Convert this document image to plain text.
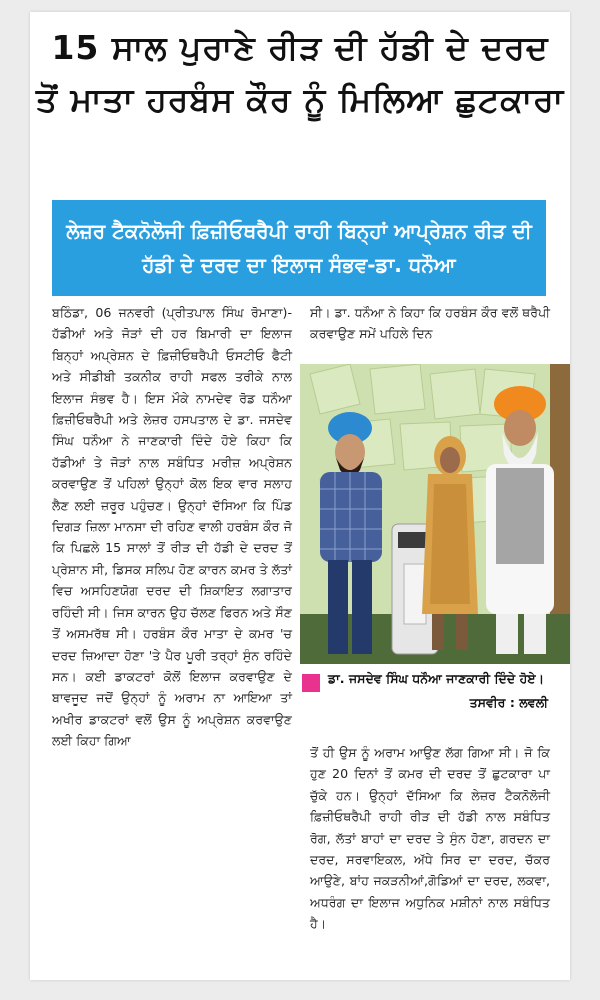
15 ਸਾਲ ਪੁਰਾਣੇ ਰੀੜ ਦੀ ਹੱਡੀ ਦੇ ਦਰਦ
ਤੋਂ ਮਾਤਾ ਹਰਬੰਸ ਕੌਰ ਨੂੰ ਮਿਲਿਆ ਛੁਟਕਾਰਾ
ਲੇਜ਼ਰ ਟੈਕਨੋਲੋਜੀ ਫ਼ਿਜ਼ੀਓਥਰੈਪੀ ਰਾਹੀ ਬਿਨ੍ਹਾਂ ਆਪ੍ਰੇਸ਼ਨ ਰੀੜ ਦੀ ਹੱਡੀ ਦੇ ਦਰਦ ਦਾ ਇਲਾਜ ਸੰਭਵ-ਡਾ. ਧਨੌਆ
ਬਠਿੰਡਾ, 06 ਜਨਵਰੀ (ਪ੍ਰੀਤਪਾਲ ਸਿੰਘ ਰੋਮਾਣਾ)- ਹੱਡੀਆਂ ਅਤੇ ਜੋੜਾਂ ਦੀ ਹਰ ਬਿਮਾਰੀ ਦਾ ਇਲਾਜ ਬਿਨ੍ਹਾਂ ਅਪ੍ਰੇਸ਼ਨ ਦੇ ਫ਼ਿਜ਼ੀਓਥਰੈਪੀ ਓਸਟੀਓ ਫੈਟੀ ਅਤੇ ਸੀਡੀਬੀ ਤਕਨੀਕ ਰਾਹੀ ਸਫਲ ਤਰੀਕੇ ਨਾਲ ਇਲਾਜ ਸੰਭਵ ਹੈ। ਇਸ ਮੌਕੇ ਨਾਮਦੇਵ ਰੋਡ ਧਨੌਆ ਫ਼ਿਜ਼ੀਓਥਰੈਪੀ ਅਤੇ ਲੇਜ਼ਰ ਹਸਪਤਾਲ ਦੇ ਡਾ. ਜਸਦੇਵ ਸਿੰਘ ਧਨੌਆ ਨੇ ਜਾਣਕਾਰੀ ਦਿੰਦੇ ਹੋਏ ਕਿਹਾ ਕਿ ਹੱਡੀਆਂ ਤੇ ਜੋੜਾਂ ਨਾਲ ਸਬੰਧਿਤ ਮਰੀਜ਼ ਅਪ੍ਰੇਸ਼ਨ ਕਰਵਾਉਣ ਤੋਂ ਪਹਿਲਾਂ ਉਨ੍ਹਾਂ ਕੋਲ ਇਕ ਵਾਰ ਸਲਾਹ ਲੈਣ ਲਈ ਜ਼ਰੂਰ ਪਹੁੰਚਣ। ਉਨ੍ਹਾਂ ਦੱਸਿਆ ਕਿ ਪਿੰਡ ਦਿਗੜ ਜ਼ਿਲਾ ਮਾਨਸਾ ਦੀ ਰਹਿਣ ਵਾਲੀ ਹਰਬੰਸ ਕੌਰ ਜੋ ਕਿ ਪਿਛਲੇ 15 ਸਾਲਾਂ ਤੋਂ ਰੀੜ ਦੀ ਹੱਡੀ ਦੇ ਦਰਦ ਤੋਂ ਪ੍ਰੇਸ਼ਾਨ ਸੀ, ਡਿਸਕ ਸਲਿਪ ਹੋਣ ਕਾਰਨ ਕਮਰ ਤੇ ਲੱਤਾਂ ਵਿਚ ਅਸਹਿਣਯੋਗ ਦਰਦ ਦੀ ਸ਼ਿਕਾਇਤ ਲਗਾਤਾਰ ਰਹਿੰਦੀ ਸੀ। ਜਿਸ ਕਾਰਨ ਉਹ ਚੱਲਣ ਫਿਰਨ ਅਤੇ ਸੌਣ ਤੋਂ ਅਸਮਰੱਥ ਸੀ। ਹਰਬੰਸ ਕੌਰ ਮਾਤਾ ਦੇ ਕਮਰ 'ਚ ਦਰਦ ਜ਼ਿਆਦਾ ਹੋਣਾ 'ਤੇ ਪੈਰ ਪੂਰੀ ਤਰ੍ਹਾਂ ਸੁੰਨ ਰਹਿੰਦੇ ਸਨ। ਕਈ ਡਾਕਟਰਾਂ ਕੋਲੋਂ ਇਲਾਜ ਕਰਵਾਉਣ ਦੇ ਬਾਵਜੂਦ ਜਦੋਂ ਉਨ੍ਹਾਂ ਨੂੰ ਅਰਾਮ ਨਾ ਆਇਆ ਤਾਂ ਅਖੀਰ ਡਾਕਟਰਾਂ ਵਲੋਂ ਉਸ ਨੂੰ ਅਪ੍ਰੇਸ਼ਨ ਕਰਵਾਉਣ ਲਈ ਕਿਹਾ ਗਿਆ
ਸੀ। ਡਾ. ਧਨੌਆ ਨੇ ਕਿਹਾ ਕਿ ਹਰਬੰਸ ਕੌਰ ਵਲੋਂ ਥਰੈਪੀ ਕਰਵਾਉਣ ਸਮੇਂ ਪਹਿਲੇ ਦਿਨ
ਡਾ. ਜਸਦੇਵ ਸਿੰਘ ਧਨੌਆ ਜਾਣਕਾਰੀ ਦਿੰਦੇ ਹੋਏ।
ਤਸਵੀਰ : ਲਵਲੀ
ਤੋਂ ਹੀ ਉਸ ਨੂੰ ਅਰਾਮ ਆਉਣ ਲੱਗ ਗਿਆ ਸੀ। ਜੋ ਕਿ ਹੁਣ 20 ਦਿਨਾਂ ਤੋਂ ਕਮਰ ਦੀ ਦਰਦ ਤੋਂ ਛੁਟਕਾਰਾ ਪਾ ਚੁੱਕੇ ਹਨ। ਉਨ੍ਹਾਂ ਦੱਸਿਆ ਕਿ ਲੇਜ਼ਰ ਟੈਕਨੋਲੋਜੀ ਫ਼ਿਜ਼ੀਓਥਰੈਪੀ ਰਾਹੀ ਰੀੜ ਦੀ ਹੱਡੀ ਨਾਲ ਸਬੰਧਿਤ ਰੋਗ, ਲੱਤਾਂ ਬਾਹਾਂ ਦਾ ਦਰਦ ਤੇ ਸੁੰਨ ਹੋਣਾ, ਗਰਦਨ ਦਾ ਦਰਦ, ਸਰਵਾਇਕਲ, ਅੱਧੇ ਸਿਰ ਦਾ ਦਰਦ, ਚੱਕਰ ਆਉਣੇ, ਬਾਂਹ ਜਕੜਨੀਆਂ,ਗੋਡਿਆਂ ਦਾ ਦਰਦ, ਲਕਵਾ, ਅਧਰੰਗ ਦਾ ਇਲਾਜ ਅਧੁਨਿਕ ਮਸ਼ੀਨਾਂ ਨਾਲ ਸਬੰਧਿਤ ਹੈ।
